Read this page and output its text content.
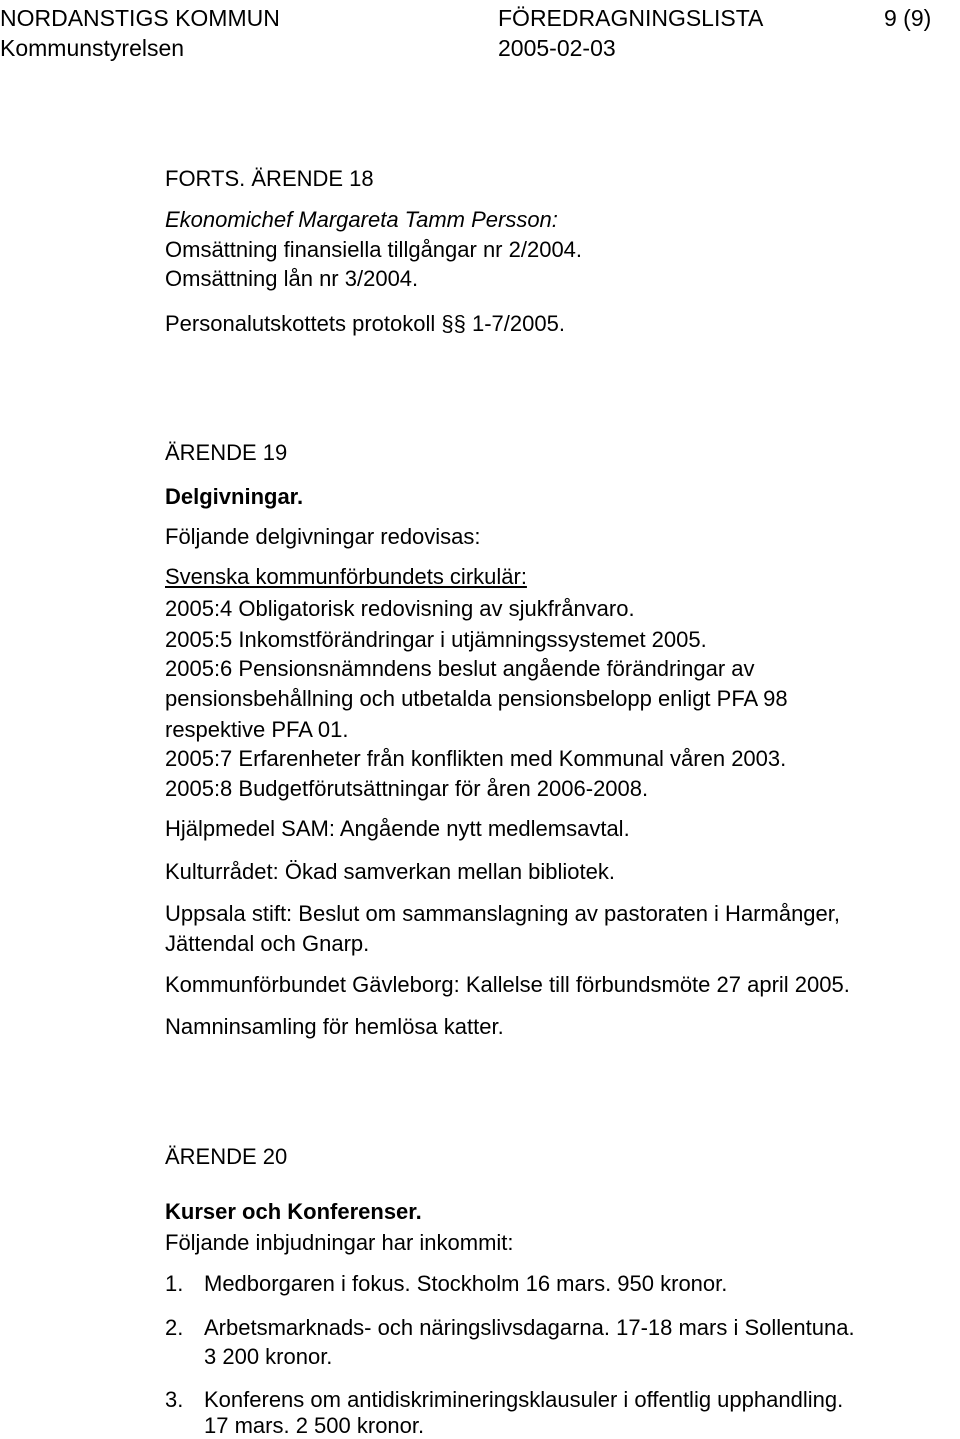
NORDANSTIGS KOMMUN	FÖREDRAGNINGSLISTA	9 (9)
Kommunstyrelsen	2005-02-03
FORTS. ÄRENDE 18
Ekonomichef Margareta Tamm Persson:
Omsättning finansiella tillgångar nr 2/2004.
Omsättning lån nr 3/2004.
Personalutskottets protokoll §§ 1-7/2005.
ÄRENDE 19
Delgivningar.
Följande delgivningar redovisas:
Svenska kommunförbundets cirkulär:
2005:4 Obligatorisk redovisning av sjukfrånvaro.
2005:5 Inkomstförändringar i utjämningssystemet 2005.
2005:6 Pensionsnämndens beslut angående förändringar av
pensionsbehållning och utbetalda pensionsbelopp enligt PFA 98
respektive PFA 01.
2005:7 Erfarenheter från konflikten med Kommunal våren 2003.
2005:8 Budgetförutsättningar för åren 2006-2008.
Hjälpmedel SAM: Angående nytt medlemsavtal.
Kulturrådet: Ökad samverkan mellan bibliotek.
Uppsala stift: Beslut om sammanslagning av pastoraten i Harmånger,
Jättendal och Gnarp.
Kommunförbundet Gävleborg: Kallelse till förbundsmöte 27 april 2005.
Namninsamling för hemlösa katter.
ÄRENDE 20
Kurser och Konferenser.
Följande inbjudningar har inkommit:
1. Medborgaren i fokus. Stockholm 16 mars. 950 kronor.
2. Arbetsmarknads- och näringslivsdagarna. 17-18 mars i Sollentuna.
3 200 kronor.
3. Konferens om antidiskrimineringsklausuler i offentlig upphandling.
17 mars. 2 500 kronor.
